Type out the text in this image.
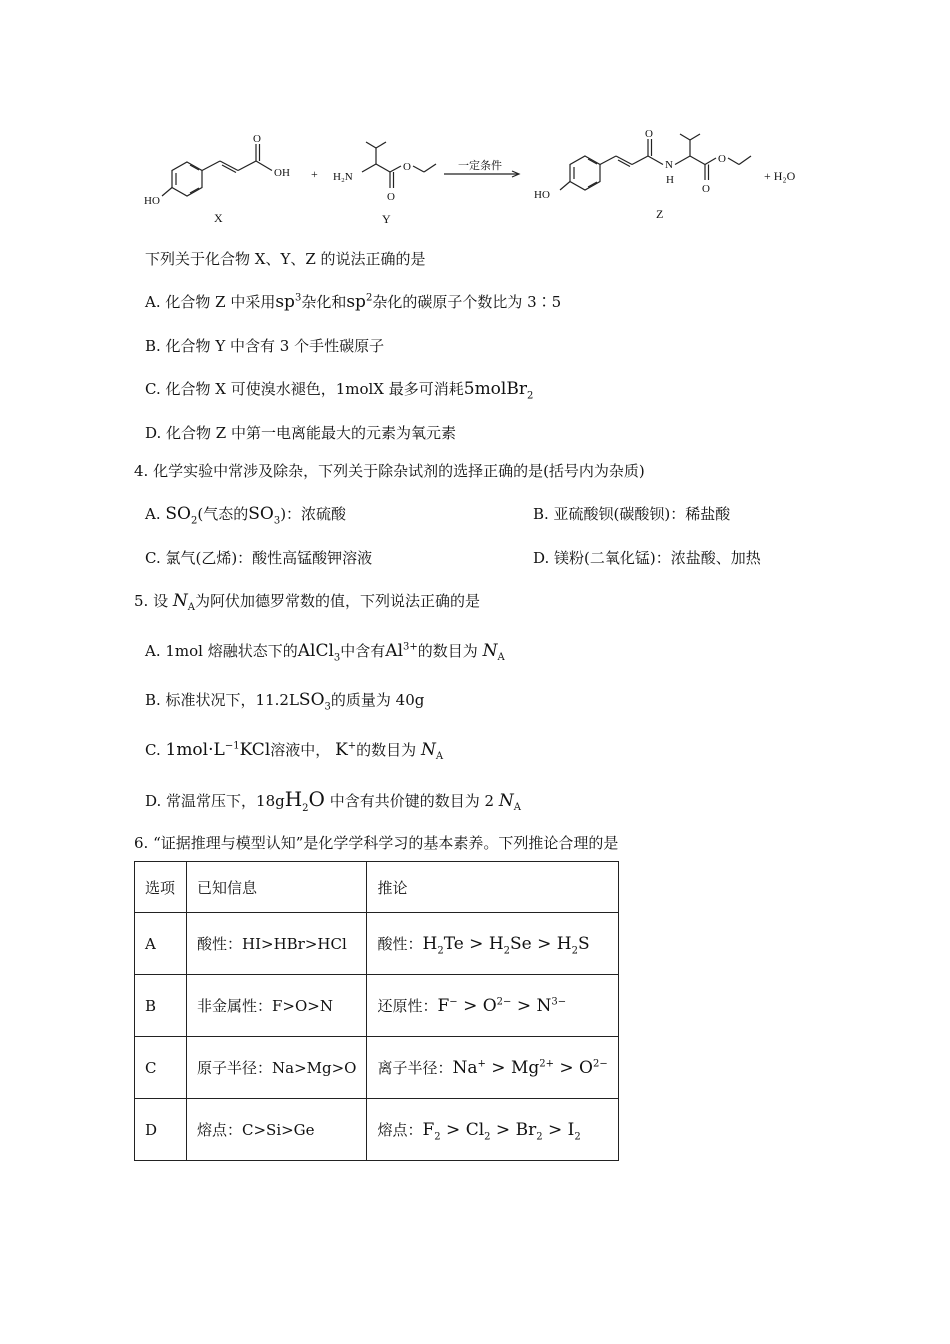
HO
OH
O
X
+ H₂N
O
O
Y
一定条件
HO
O
N
H
O
O
Z
+ H₂O
下列关于化合物 X、Y、Z 的说法正确的是
A. 化合物 Z 中采用$sp^3$杂化和$sp^2$杂化的碳原子个数比为 3∶5
B. 化合物 Y 中含有 3 个手性碳原子
C. 化合物 X 可使溴水褪色，1molX 最多可消耗5molBr$_2$
D. 化合物 Z 中第一电离能最大的元素为氧元素
4. 化学实验中常涉及除杂，下列关于除杂试剂的选择正确的是(括号内为杂质)
A. $SO_2$(气态的$SO_3$)：浓硫酸	B. 亚硫酸钡(碳酸钡)：稀盐酸
C. 氯气(乙烯)：酸性高锰酸钾溶液	D. 镁粉(二氧化锰)：浓盐酸、加热
5. 设 $N_A$为阿伏加德罗常数的值，下列说法正确的是
A. 1mol 熔融状态下的AlCl$_3$中含有$Al^{3+}$的数目为 $N_A$
B. 标准状况下，$11.2LSO_3$的质量为 40g
C. $1mol\cdot L^{-1}KCl$溶液中， K+的数目为 $N_A$
D. 常温常压下，$18gH_2O$ 中含有共价键的数目为 2 $N_A$
6. “证据推理与模型认知”是化学学科学习的基本素养。下列推论合理的是
选项	已知信息	推论
A	酸性：HI>HBr>HCl	酸性：$H_2Te > H_2Se > H_2S$
B	非金属性：F>O>N	还原性：$F^- > O^{2-} > N^{3-}$
C	原子半径：Na>Mg>O	离子半径：$Na^+ > Mg^{2+} > O^{2-}$
D	熔点：C>Si>Ge	熔点：$F_2 > Cl_2 > Br_2 > I_2$
